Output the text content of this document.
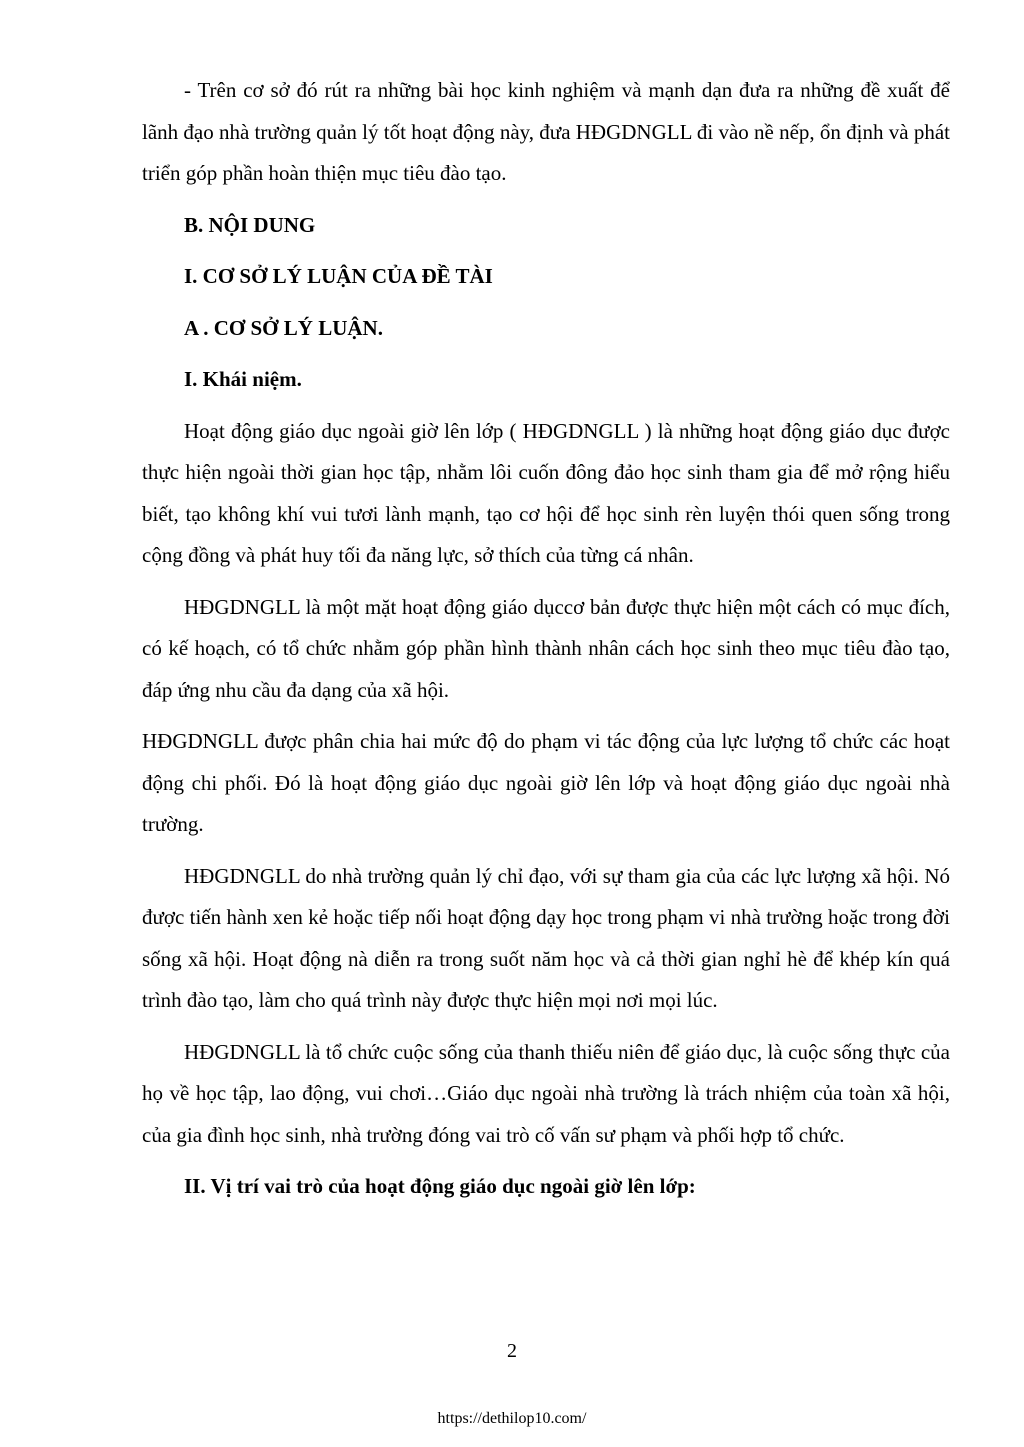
- Trên cơ sở đó rút ra những bài học kinh nghiệm và mạnh dạn đưa ra những đề xuất để lãnh đạo nhà trường quản lý tốt hoạt động này, đưa HĐGDNGLL đi vào nề nếp, ổn định và phát triển góp phần hoàn thiện mục tiêu đào tạo.

B. NỘI DUNG

I. CƠ SỞ LÝ LUẬN CỦA ĐỀ TÀI

A . CƠ SỞ LÝ LUẬN.

I. Khái niệm.

Hoạt động giáo dục ngoài giờ lên lớp ( HĐGDNGLL ) là những hoạt động giáo dục được thực hiện ngoài thời gian học tập, nhằm lôi cuốn đông đảo học sinh tham gia để mở rộng hiểu biết, tạo không khí vui tươi lành mạnh, tạo cơ hội để học sinh rèn luyện thói quen sống trong cộng đồng và phát huy tối đa năng lực, sở thích của từng cá nhân.

HĐGDNGLL là một mặt hoạt động giáo dụccơ bản được thực hiện một cách có mục đích, có kế hoạch, có tổ chức nhằm góp phần hình thành nhân cách học sinh theo mục tiêu đào tạo, đáp ứng nhu cầu đa dạng của xã hội.

HĐGDNGLL được phân chia hai mức độ do phạm vi tác động của lực lượng tổ chức các hoạt động chi phối. Đó là hoạt động giáo dục ngoài giờ lên lớp và hoạt động giáo dục ngoài nhà trường.

HĐGDNGLL do nhà trường quản lý chỉ đạo, với sự tham gia của các lực lượng xã hội. Nó được tiến hành xen kẻ hoặc tiếp nối hoạt động dạy học trong phạm vi nhà trường hoặc trong đời sống xã hội. Hoạt động nà diễn ra trong suốt năm học và cả thời gian nghỉ hè để khép kín quá trình đào tạo, làm cho quá trình này được thực hiện mọi nơi mọi lúc.

HĐGDNGLL là tổ chức cuộc sống của thanh thiếu niên để giáo dục, là cuộc sống thực của họ về học tập, lao động, vui chơi…Giáo dục ngoài nhà trường là trách nhiệm của toàn xã hội, của gia đình học sinh, nhà trường đóng vai trò cố vấn sư phạm và phối hợp tổ chức.

II. Vị trí vai trò của hoạt động giáo dục ngoài giờ lên lớp:

2
https://dethilop10.com/
